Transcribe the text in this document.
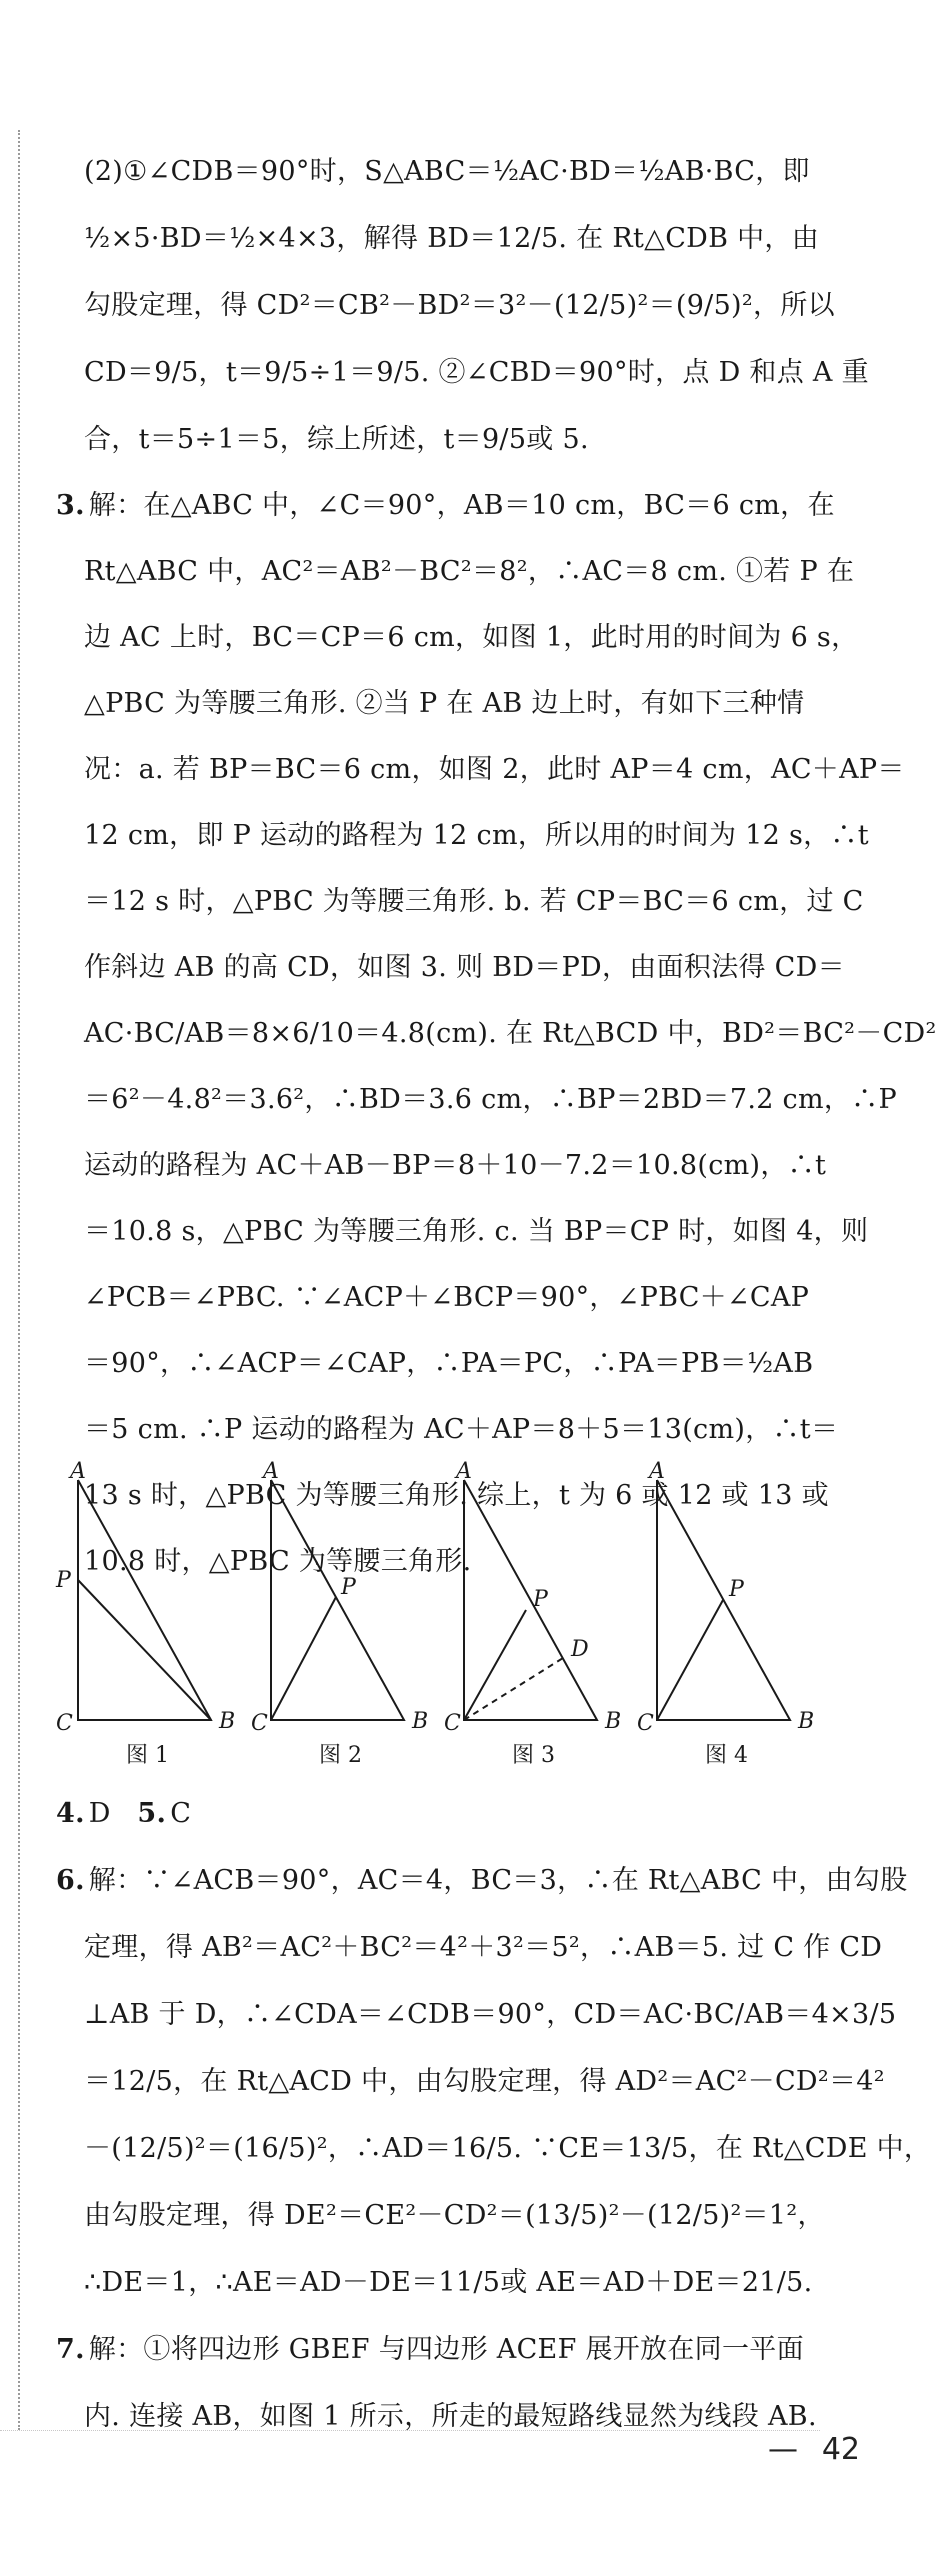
(2)①∠CDB＝90°时，S△ABC＝½AC·BD＝½AB·BC，即
½×5·BD＝½×4×3，解得 BD＝12/5. 在 Rt△CDB 中，由
勾股定理，得 CD²＝CB²－BD²＝3²－(12/5)²＝(9/5)²，所以
CD＝9/5，t＝9/5÷1＝9/5. ②∠CBD＝90°时，点 D 和点 A 重
合，t＝5÷1＝5，综上所述，t＝9/5或 5.
3. 解：在△ABC 中，∠C＝90°，AB＝10 cm，BC＝6 cm，在
Rt△ABC 中，AC²＝AB²－BC²＝8²，∴AC＝8 cm. ①若 P 在
边 AC 上时，BC＝CP＝6 cm，如图 1，此时用的时间为 6 s，
△PBC 为等腰三角形. ②当 P 在 AB 边上时，有如下三种情
况：a. 若 BP＝BC＝6 cm，如图 2，此时 AP＝4 cm，AC＋AP＝
12 cm，即 P 运动的路程为 12 cm，所以用的时间为 12 s，∴t
＝12 s 时，△PBC 为等腰三角形. b. 若 CP＝BC＝6 cm，过 C
作斜边 AB 的高 CD，如图 3. 则 BD＝PD，由面积法得 CD＝
AC·BC/AB＝8×6/10＝4.8(cm). 在 Rt△BCD 中，BD²＝BC²－CD²
＝6²－4.8²＝3.6²，∴BD＝3.6 cm，∴BP＝2BD＝7.2 cm，∴P
运动的路程为 AC＋AB－BP＝8＋10－7.2＝10.8(cm)，∴t
＝10.8 s，△PBC 为等腰三角形. c. 当 BP＝CP 时，如图 4，则
∠PCB＝∠PBC. ∵∠ACP＋∠BCP＝90°，∠PBC＋∠CAP
＝90°，∴∠ACP＝∠CAP，∴PA＝PC，∴PA＝PB＝½AB
＝5 cm. ∴P 运动的路程为 AC＋AP＝8＋5＝13(cm)，∴t＝
13 s 时，△PBC 为等腰三角形. 综上，t 为 6 或 12 或 13 或
10.8 时，△PBC 为等腰三角形.
A
P
C	B
图 1
A
P
C	B
图 2
A
P
D
C	B
图 3
A
P
C	B
图 4
4. D 5. C
6. 解：∵∠ACB＝90°，AC＝4，BC＝3，∴在 Rt△ABC 中，由勾股
定理，得 AB²＝AC²＋BC²＝4²＋3²＝5²，∴AB＝5. 过 C 作 CD
⊥AB 于 D，∴∠CDA＝∠CDB＝90°，CD＝AC·BC/AB＝4×3/5
＝12/5，在 Rt△ACD 中，由勾股定理，得 AD²＝AC²－CD²＝4²
－(12/5)²＝(16/5)²，∴AD＝16/5. ∵CE＝13/5，在 Rt△CDE 中，
由勾股定理，得 DE²＝CE²－CD²＝(13/5)²－(12/5)²＝1²，
∴DE＝1，∴AE＝AD－DE＝11/5或 AE＝AD＋DE＝21/5.
7. 解：①将四边形 GBEF 与四边形 ACEF 展开放在同一平面
内. 连接 AB，如图 1 所示，所走的最短路线显然为线段 AB.
— 42
